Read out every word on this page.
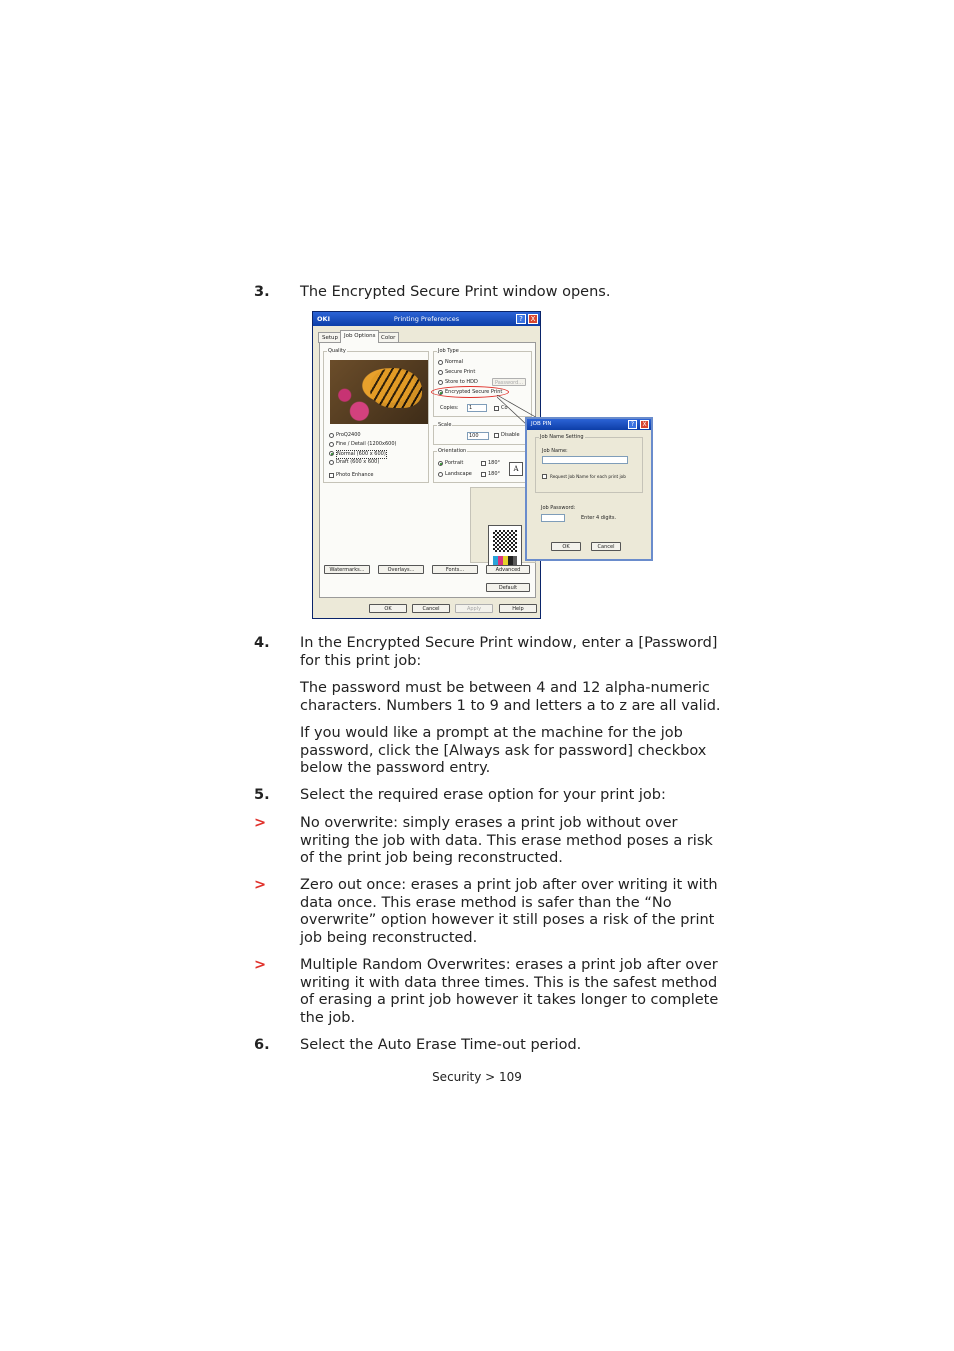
3. The Encrypted Secure Print window opens.
OKI	Printing Preferences	?	X
Setup	Job Options	Color
Quality
ProQ2400
Fine / Detail (1200x600)
Normal (600 x 600)
Draft (600 x 600)
Photo Enhance
Job Type
Normal
Secure Print
Store to HDD	Password...
Encrypted Secure Print
Copies:	1	Co
Scale
100	Disable
Orientation
Portrait	180°
Landscape	180°
A
Watermarks...	Overlays...	Fonts...	Advanced
Default
OK	Cancel	Apply	Help
JOB PIN	?	X
Job Name Setting
Job Name:
Request Job Name for each print job
Job Password:
Enter 4 digits.
OK	Cancel
4. In the Encrypted Secure Print window, enter a [Password] for this print job:
The password must be between 4 and 12 alpha-numeric characters. Numbers 1 to 9 and letters a to z are all valid.
If you would like a prompt at the machine for the job password, click the [Always ask for password] checkbox below the password entry.
5. Select the required erase option for your print job:
> No overwrite: simply erases a print job without over writing the job with data. This erase method poses a risk of the print job being reconstructed.
> Zero out once: erases a print job after over writing it with data once. This erase method is safer than the “No overwrite” option however it still poses a risk of the print job being reconstructed.
> Multiple Random Overwrites: erases a print job after over writing it with data three times. This is the safest method of erasing a print job however it takes longer to complete the job.
6. Select the Auto Erase Time-out period.
Security > 109
